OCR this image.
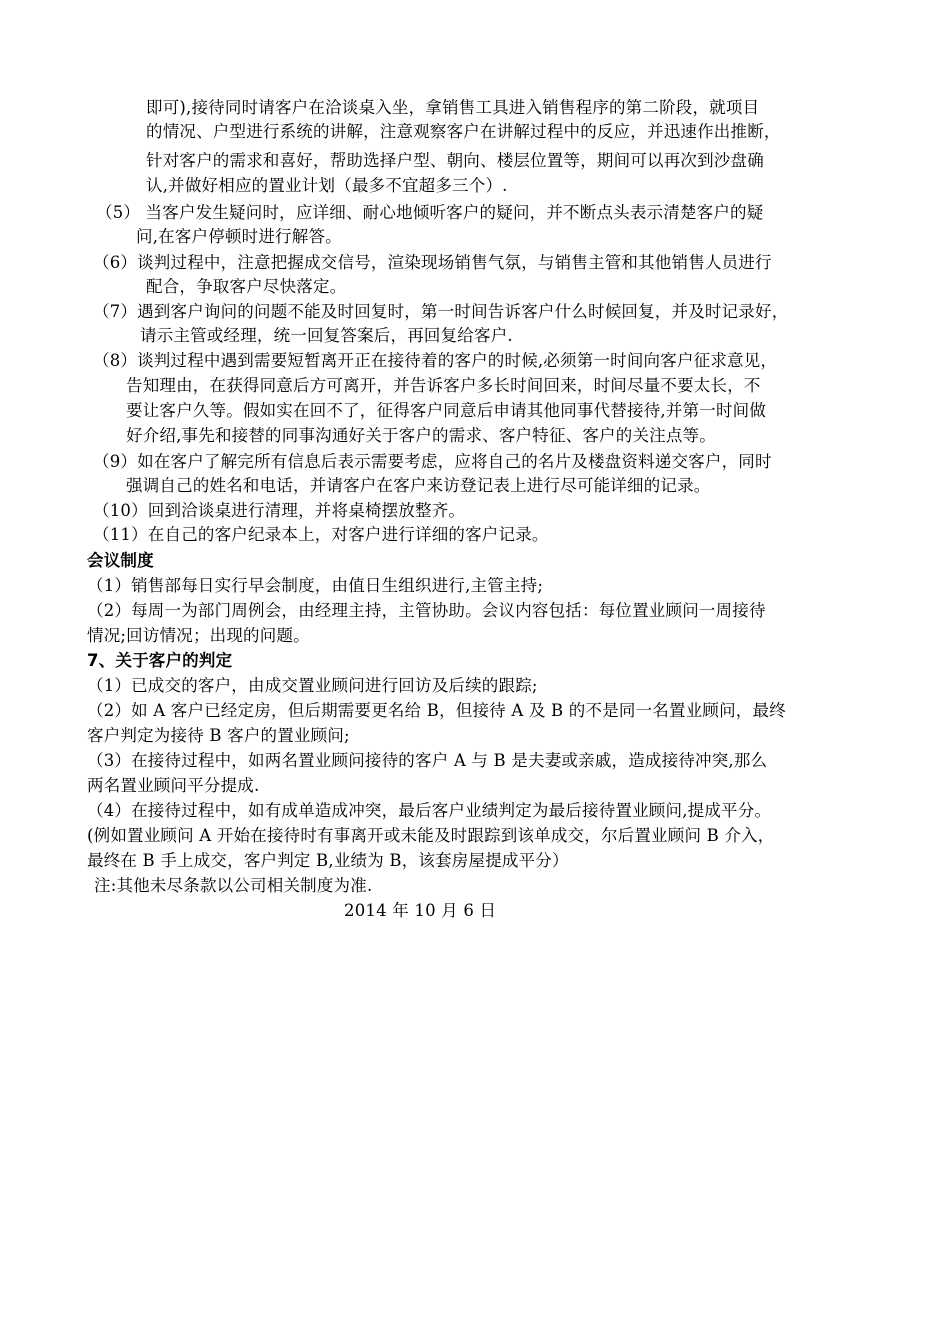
即可),接待同时请客户在洽谈桌入坐，拿销售工具进入销售程序的第二阶段，就项目
的情况、户型进行系统的讲解，注意观察客户在讲解过程中的反应，并迅速作出推断，
针对客户的需求和喜好，帮助选择户型、朝向、楼层位置等，期间可以再次到沙盘确
认,并做好相应的置业计划（最多不宜超多三个）.
（5） 当客户发生疑问时，应详细、耐心地倾听客户的疑问，并不断点头表示清楚客户的疑
问,在客户停顿时进行解答。
（6）谈判过程中，注意把握成交信号，渲染现场销售气氛，与销售主管和其他销售人员进行
配合，争取客户尽快落定。
（7）遇到客户询问的问题不能及时回复时，第一时间告诉客户什么时候回复，并及时记录好，
请示主管或经理，统一回复答案后，再回复给客户.
（8）谈判过程中遇到需要短暂离开正在接待着的客户的时候,必须第一时间向客户征求意见，
告知理由，在获得同意后方可离开，并告诉客户多长时间回来，时间尽量不要太长，不
要让客户久等。假如实在回不了，征得客户同意后申请其他同事代替接待,并第一时间做
好介绍,事先和接替的同事沟通好关于客户的需求、客户特征、客户的关注点等。
（9）如在客户了解完所有信息后表示需要考虑，应将自己的名片及楼盘资料递交客户，同时
强调自己的姓名和电话，并请客户在客户来访登记表上进行尽可能详细的记录。
（10）回到洽谈桌进行清理，并将桌椅摆放整齐。
（11）在自己的客户纪录本上，对客户进行详细的客户记录。
会议制度
（1）销售部每日实行早会制度，由值日生组织进行,主管主持;
（2）每周一为部门周例会，由经理主持，主管协助。会议内容包括：每位置业顾问一周接待
情况;回访情况；出现的问题。
7、关于客户的判定
（1）已成交的客户，由成交置业顾问进行回访及后续的跟踪;
（2）如 A 客户已经定房，但后期需要更名给 B，但接待 A 及 B 的不是同一名置业顾问，最终
客户判定为接待 B 客户的置业顾问;
（3）在接待过程中，如两名置业顾问接待的客户 A 与 B 是夫妻或亲戚，造成接待冲突,那么
两名置业顾问平分提成.
（4）在接待过程中，如有成单造成冲突，最后客户业绩判定为最后接待置业顾问,提成平分。
(例如置业顾问 A 开始在接待时有事离开或未能及时跟踪到该单成交，尔后置业顾问 B 介入，
最终在 B 手上成交，客户判定 B,业绩为 B，该套房屋提成平分）
注:其他未尽条款以公司相关制度为准.
2014 年 10 月 6 日
